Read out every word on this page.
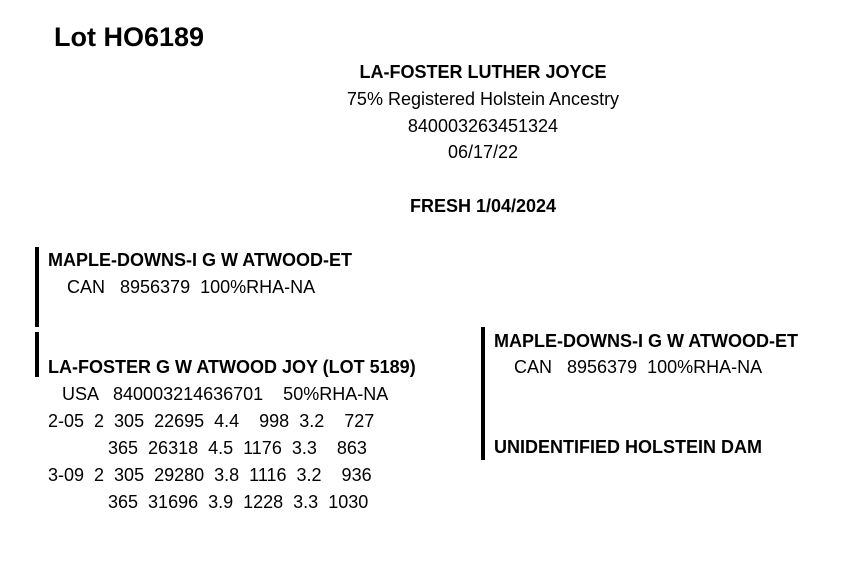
Lot HO6189
LA-FOSTER LUTHER JOYCE
75% Registered Holstein Ancestry
840003263451324
06/17/22
FRESH 1/04/2024
MAPLE-DOWNS-I G W ATWOOD-ET
CAN   8956379  100%RHA-NA
LA-FOSTER G W ATWOOD JOY (LOT 5189)
USA   840003214636701    50%RHA-NA
2-05  2  305  22695  4.4    998  3.2    727
365  26318  4.5  1176  3.3    863
3-09  2  305  29280  3.8  1116  3.2    936
365  31696  3.9  1228  3.3  1030
MAPLE-DOWNS-I G W ATWOOD-ET
CAN   8956379  100%RHA-NA
UNIDENTIFIED HOLSTEIN DAM
